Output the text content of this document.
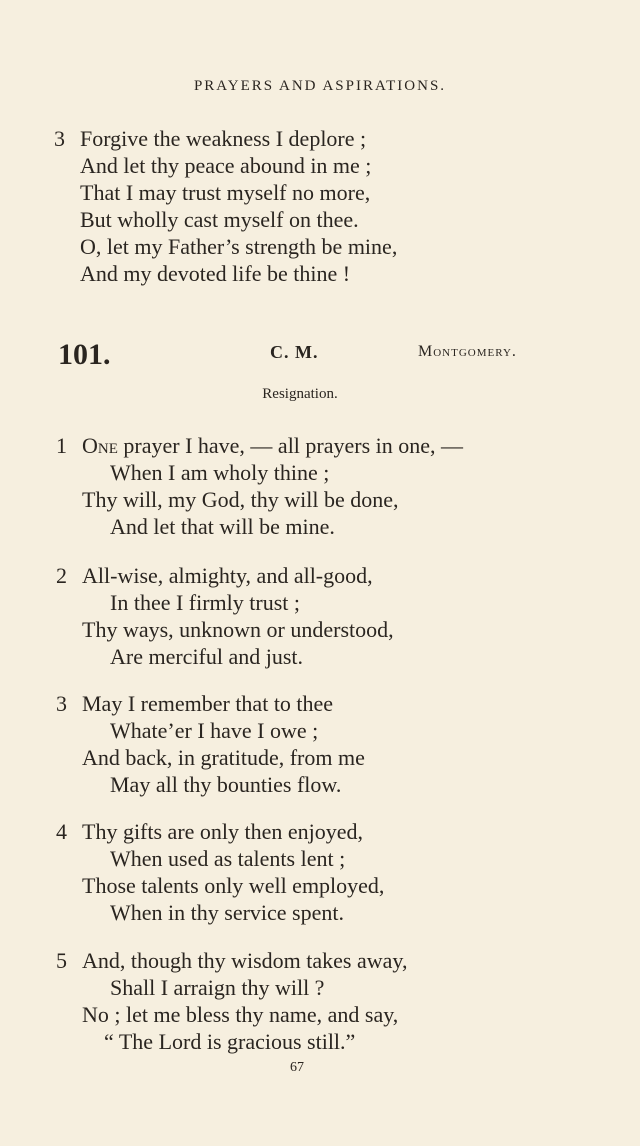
PRAYERS AND ASPIRATIONS.
3 Forgive the weakness I deplore ;
And let thy peace abound in me ;
That I may trust myself no more,
But wholly cast myself on thee.
O, let my Father’s strength be mine,
And my devoted life be thine !
101.	C. M.	Montgomery.
Resignation.
1 One prayer I have, — all prayers in one, —
When I am wholy thine ;
Thy will, my God, thy will be done,
And let that will be mine.
2 All-wise, almighty, and all-good,
In thee I firmly trust ;
Thy ways, unknown or understood,
Are merciful and just.
3 May I remember that to thee
Whate’er I have I owe ;
And back, in gratitude, from me
May all thy bounties flow.
4 Thy gifts are only then enjoyed,
When used as talents lent ;
Those talents only well employed,
When in thy service spent.
5 And, though thy wisdom takes away,
Shall I arraign thy will ?
No ; let me bless thy name, and say,
“ The Lord is gracious still.”
67
